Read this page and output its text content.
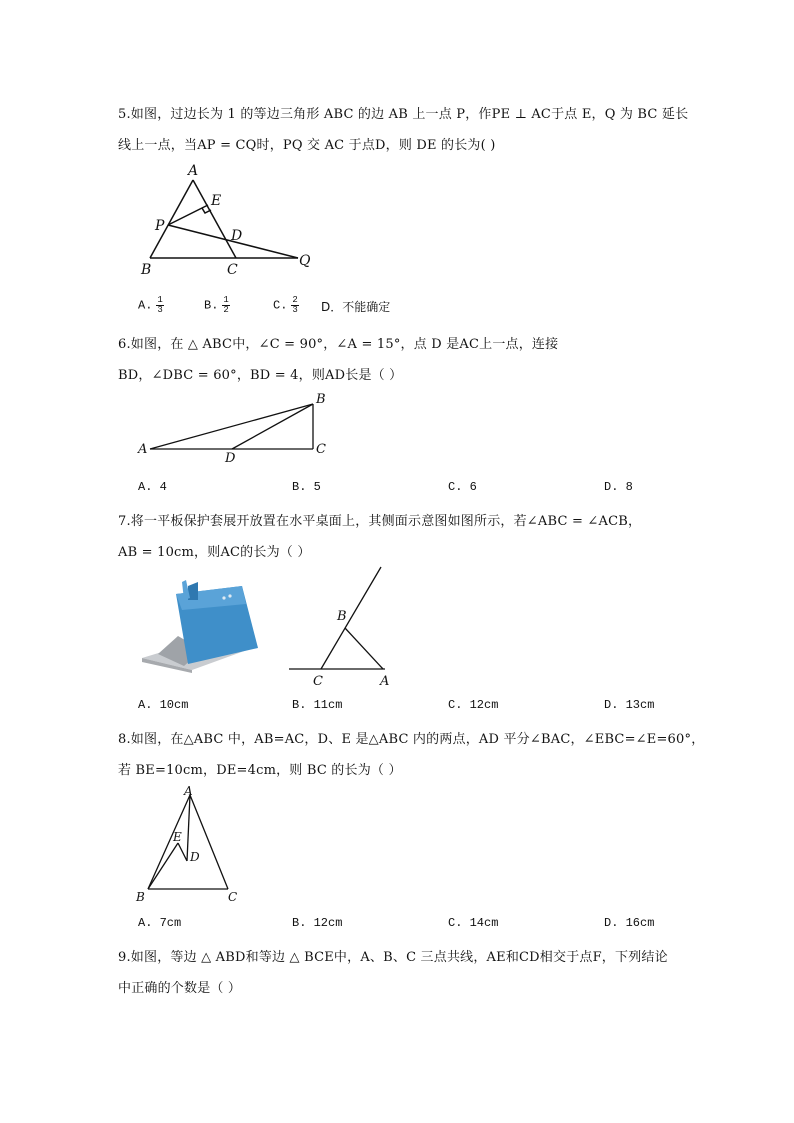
5.如图，过边长为 1 的等边三角形 ABC 的边 AB 上一点 P，作PE ⊥ AC于点 E，Q 为 BC 延长
线上一点，当AP = CQ时，PQ 交 AC 于点D，则 DE 的长为( )
A
E
P
D
B	C
Q
A. $\frac{1}{3}$	B. $\frac{1}{2}$	C. $\frac{2}{3}$ D．不能确定
6.如图，在 △ ABC中，∠C = 90°，∠A = 15°，点 D 是AC上一点，连接
BD，∠DBC = 60°，BD = 4，则AD长是（ ）
B
C
A
D
A. 4	B. 5	C. 6	D. 8
7.将一平板保护套展开放置在水平桌面上，其侧面示意图如图所示，若∠ABC = ∠ACB，
AB = 10cm，则AC的长为（ ）
B
C	A
A. 10cm	B. 11cm	C. 12cm	D. 13cm
8.如图，在△ABC 中，AB=AC，D、E 是△ABC 内的两点，AD 平分∠BAC，∠EBC=∠E=60°，
若 BE=10cm，DE=4cm，则 BC 的长为（ ）
A
E
D
B	C
A. 7cm	B. 12cm	C. 14cm	D. 16cm
9.如图，等边 △ ABD和等边 △ BCE中，A、B、C 三点共线，AE和CD相交于点F，下列结论
中正确的个数是（ ）
